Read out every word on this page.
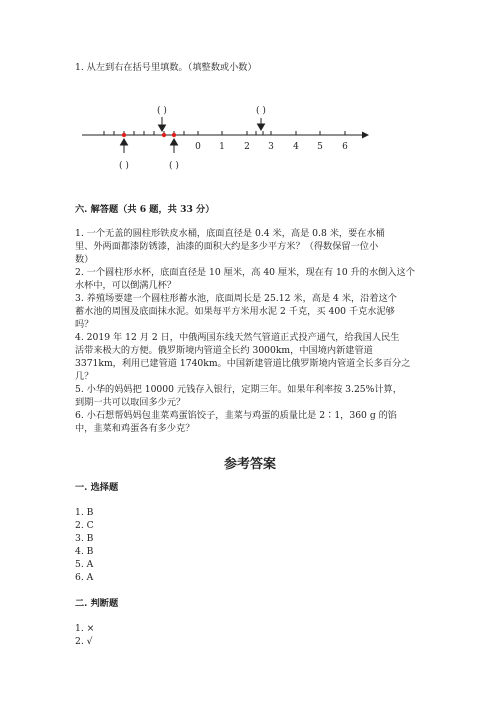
1. 从左到右在括号里填数。（填整数或小数）
0 1 2 3 4 5 6
( )	( )
( )	( )
六. 解答题（共 6 题，共 33 分）
1. 一个无盖的圆柱形铁皮水桶，底面直径是 0.4 米，高是 0.8 米，要在水桶
里、外两面都漆防锈漆，油漆的面积大约是多少平方米？（得数保留一位小
数）
2. 一个圆柱形水杯，底面直径是 10 厘米，高 40 厘米，现在有 10 升的水倒入这个
水杯中，可以倒满几杯？
3. 养殖场要建一个圆柱形蓄水池，底面周长是 25.12 米，高是 4 米，沿着这个
蓄水池的周围及底面抹水泥。如果每平方米用水泥 2 千克，买 400 千克水泥够
吗？
4. 2019 年 12 月 2 日，中俄两国东线天然气管道正式投产通气，给我国人民生
活带来极大的方便。俄罗斯境内管道全长约 3000km，中国境内新建管道
3371km，利用已建管道 1740km。中国新建管道比俄罗斯境内管道全长多百分之
几？
5. 小华的妈妈把 10000 元钱存入银行，定期三年。如果年利率按 3.25%计算，
到期一共可以取回多少元？
6. 小石想帮妈妈包韭菜鸡蛋馅饺子，韭菜与鸡蛋的质量比是 2∶1，360 g 的馅
中，韭菜和鸡蛋各有多少克？
参考答案
一. 选择题
1. B
2. C
3. B
4. B
5. A
6. A
二. 判断题
1. ×
2. √
